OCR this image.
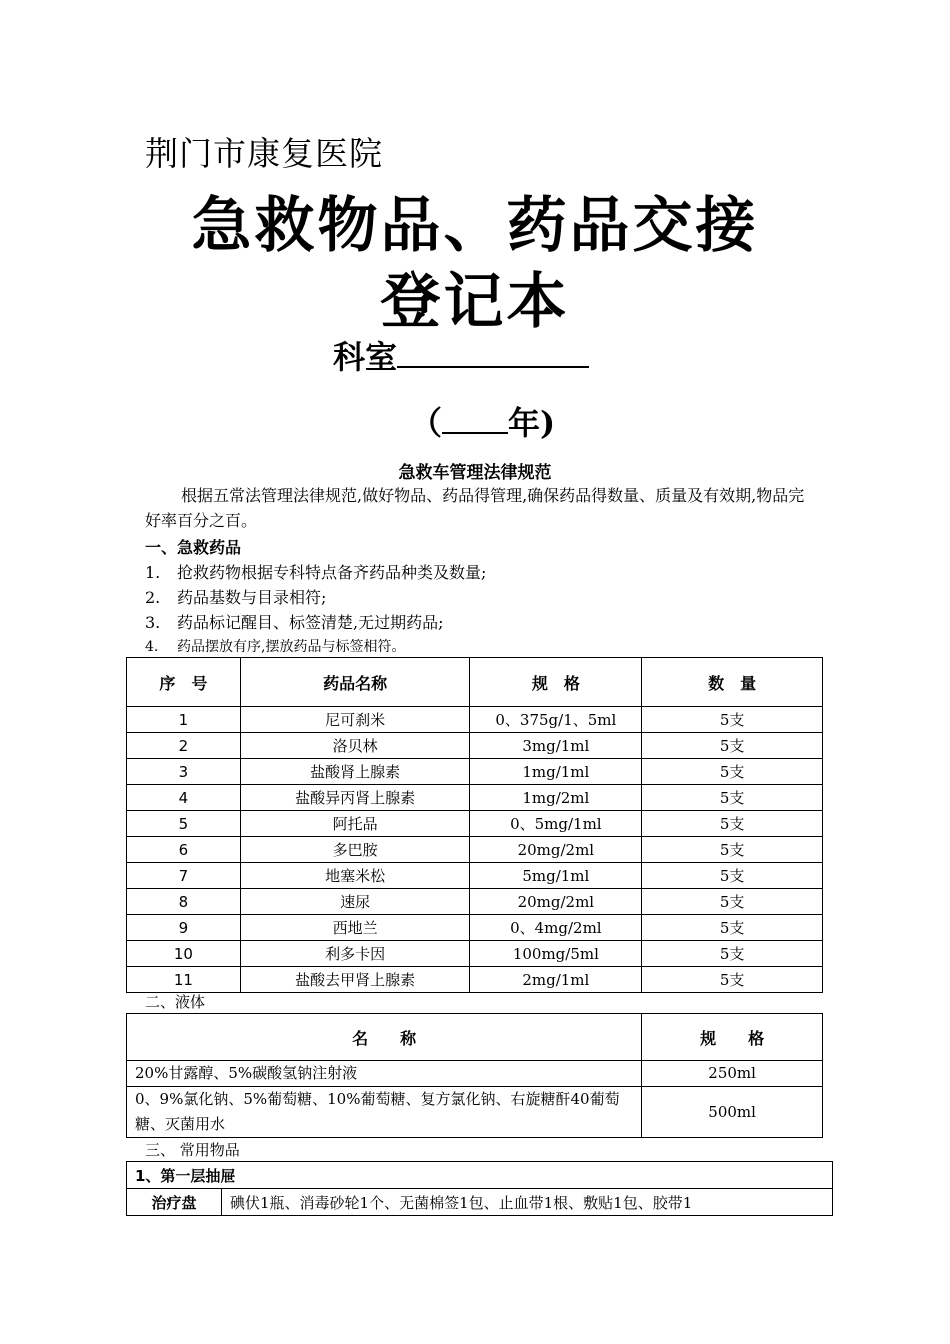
荆门市康复医院
急救物品、药品交接
登记本
科室
（ 年)
急救车管理法律规范
根据五常法管理法律规范,做好物品、药品得管理,确保药品得数量、质量及有效期,物品完好率百分之百。
一、急救药品
1. 抢救药物根据专科特点备齐药品种类及数量;
2. 药品基数与目录相符;
3. 药品标记醒目、标签清楚,无过期药品;
4. 药品摆放有序,摆放药品与标签相符。
序　号	药品名称	规　格	数　量
1	尼可刹米	0、375g/1、5ml	5支
2	洛贝林	3mg/1ml	5支
3	盐酸肾上腺素	1mg/1ml	5支
4	盐酸异丙肾上腺素	1mg/2ml	5支
5	阿托品	0、5mg/1ml	5支
6	多巴胺	20mg/2ml	5支
7	地塞米松	5mg/1ml	5支
8	速尿	20mg/2ml	5支
9	西地兰	0、4mg/2ml	5支
10	利多卡因	100mg/5ml	5支
11	盐酸去甲肾上腺素	2mg/1ml	5支
二、液体
名　　称	规　　格
20%甘露醇、5%碳酸氢钠注射液	250ml
0、9%氯化钠、5%葡萄糖、10%葡萄糖、复方氯化钠、右旋糖酐40葡萄糖、灭菌用水	500ml
三、 常用物品
1、第一层抽屉
治疗盘	碘伏1瓶、消毒砂轮1个、无菌棉签1包、止血带1根、敷贴1包、胶带1
